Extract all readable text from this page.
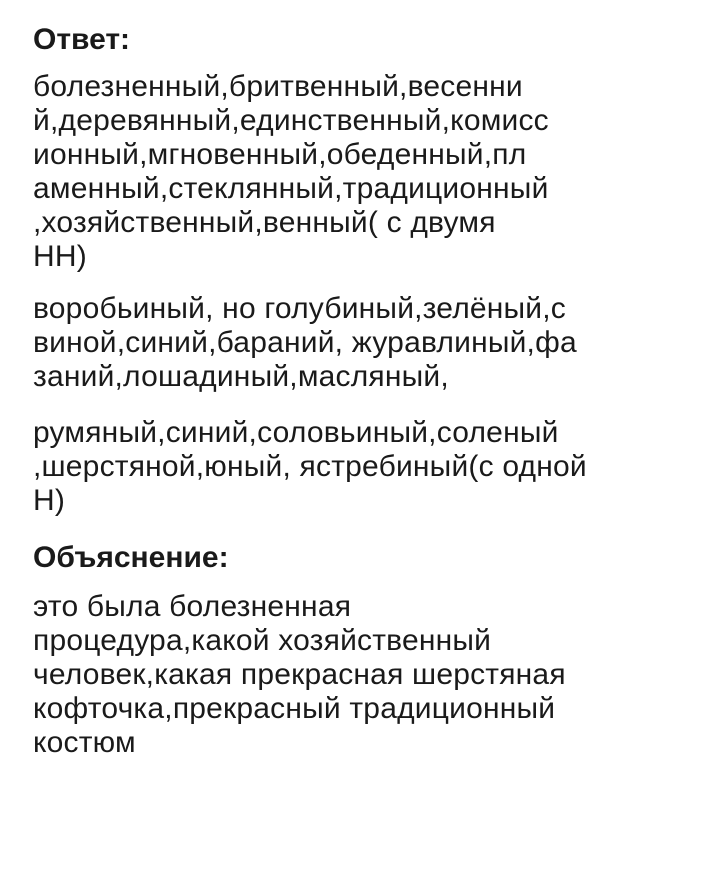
Ответ:

болезненный,бритвенный,весенни
й,деревянный,единственный,комисс
ионный,мгновенный,обеденный,пл
аменный,стеклянный,традиционный
,хозяйственный,венный( с двумя
НН)

воробьиный, но голубиный,зелёный,с
виной,синий,бараний, журавлиный,фа
заний,лошадиный,масляный,

румяный,синий,соловьиный,соленый
,шерстяной,юный, ястребиный(с одной
Н)

Объяснение:

это была болезненная
процедура,какой хозяйственный
человек,какая прекрасная шерстяная
кофточка,прекрасный традиционный
костюм
